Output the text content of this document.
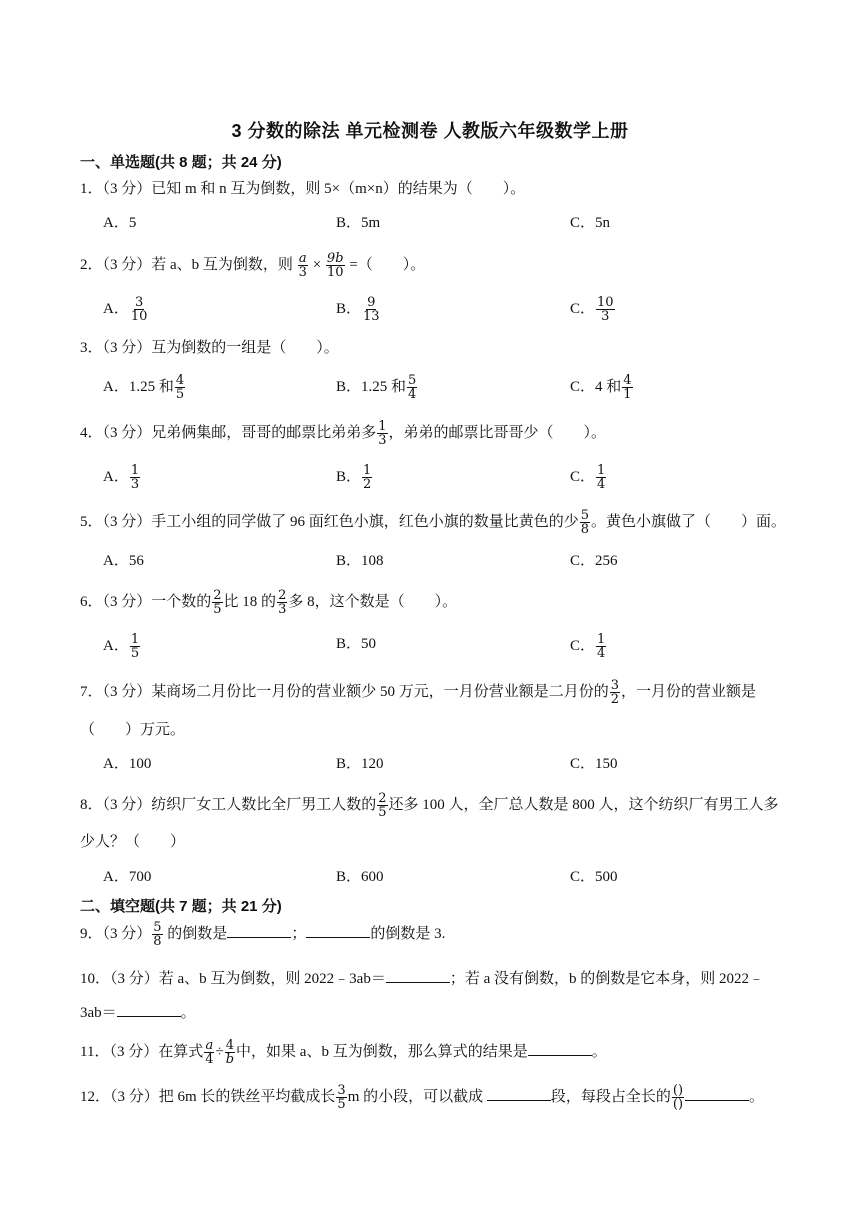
3 分数的除法 单元检测卷 人教版六年级数学上册
一、单选题(共 8 题；共 24 分)
1．（3 分）已知 m 和 n 互为倒数，则 5×（m×n）的结果为（　　）。
A．5	B．5m	C．5n
2．（3 分）若 a、b 互为倒数，则 $\frac{a}{3} \times \frac{9b}{10}$ =（　　）。
A． $\frac{3}{10}$	B． $\frac{9}{13}$	C． $\frac{10}{3}$
3．（3 分）互为倒数的一组是（　　）。
A．1.25 和 $\frac{4}{5}$	B．1.25 和 $\frac{5}{4}$	C．4 和 $\frac{4}{1}$
4．（3 分）兄弟俩集邮，哥哥的邮票比弟弟多 $\frac{1}{3}$ ，弟弟的邮票比哥哥少（　　）。
A． $\frac{1}{3}$	B． $\frac{1}{2}$	C． $\frac{1}{4}$
5．（3 分）手工小组的同学做了 96 面红色小旗，红色小旗的数量比黄色的少 $\frac{5}{8}$ 。黄色小旗做了（　　）面。
A．56	B．108	C．256
6．（3 分）一个数的 $\frac{2}{5}$ 比 18 的 $\frac{2}{3}$ 多 8，这个数是（　　）。
A． $\frac{1}{5}$	B．50	C． $\frac{1}{4}$
7．（3 分）某商场二月份比一月份的营业额少 50 万元，一月份营业额是二月份的 $\frac{3}{2}$ ，一月份的营业额是
（　　）万元。
A．100	B．120	C．150
8．（3 分）纺织厂女工人数比全厂男工人数的 $\frac{2}{5}$ 还多 100 人，全厂总人数是 800 人，这个纺织厂有男工人多
少人？（　　）
A．700	B．600	C．500
二、填空题(共 7 题；共 21 分)
9．（3 分） $\frac{5}{8}$ 的倒数是	；	的倒数是 3.
10．（3 分）若 a、b 互为倒数，则 2022﹣3ab＝	；若 a 没有倒数，b 的倒数是它本身，则 2022﹣
3ab＝	。
11．（3 分）在算式 $\frac{a}{4} \div \frac{4}{b}$ 中，如果 a、b 互为倒数，那么算式的结果是	。
12．（3 分）把 6m 长的铁丝平均截成长 $\frac{3}{5}$ m 的小段，可以截成	段，每段占全长的 $\frac{()}{()}$	。
